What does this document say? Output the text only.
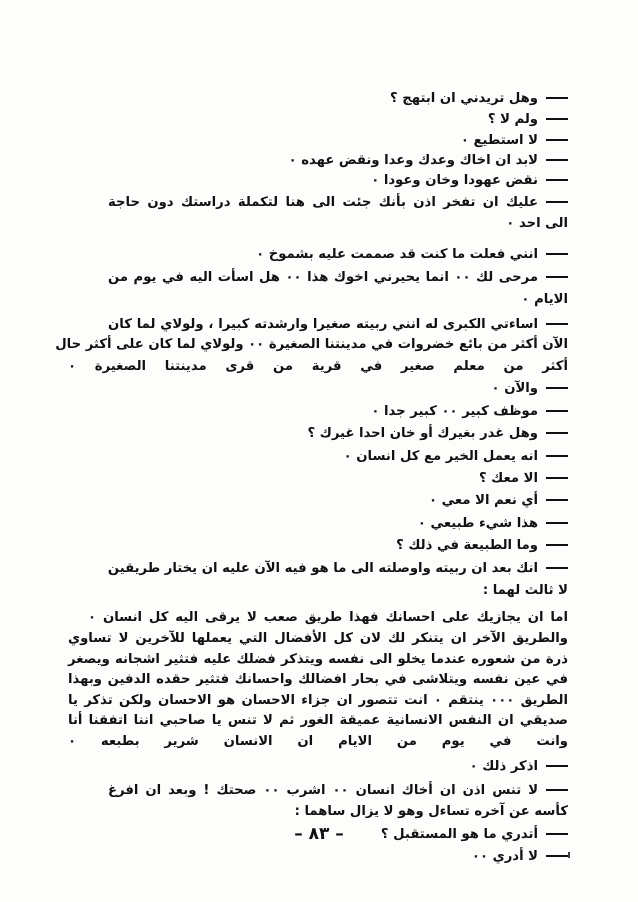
وهل تريدني ان ابتهج ؟
ولم لا ؟
لا استطيع ٠
لابد ان اخاك وعدك وعدا ونقض عهده ٠
نقض عهودا وخان وعودا ٠
عليك ان تفخر اذن بأنك جئت الى هنا لتكملة دراستك دون حاجة
الى احد ٠
انني فعلت ما كنت قد صممت عليه بشموخ ٠
مرحى لك ٠٠ انما يحيرني اخوك هذا ٠٠ هل اسأت اليه في يوم من
الايام ٠
اساءتي الكبرى له انني ربيته صغيرا وارشدته كبيرا ، ولولاي لما كان
الآن أكثر من بائع خضروات في مدينتنا الصغيرة ٠٠ ولولاي لما كان على أكثر حال
أكثر من معلم صغير في قرية من قرى مدينتنا الصغيرة ٠
والآن ٠
موظف كبير ٠٠ كبير جدا ٠
وهل غدر بغيرك أو خان احدا غيرك ؟
انه يعمل الخير مع كل انسان ٠
الا معك ؟
أي نعم الا معي ٠
هذا شيء طبيعي ٠
وما الطبيعة في ذلك ؟
انك بعد ان ربيته واوصلته الى ما هو فيه الآن عليه ان يختار طريقين
لا ثالث لهما :
اما ان يجازيك على احسانك فهذا طريق صعب لا يرقى اليه كل انسان ٠
والطريق الآخر ان يتنكر لك لان كل الأفضال التي يعملها للآخرين لا تساوي
ذرة من شعوره عندما يخلو الى نفسه ويتذكر فضلك عليه فتثير اشجانه ويصغر
في عين نفسه ويتلاشى في بحار افضالك واحسانك فتثير حقده الدفين وبهذا
الطريق ٠٠٠ ينتقم ٠ انت تتصور ان جزاء الاحسان هو الاحسان ولكن تذكر يا
صديقي ان النفس الانسانية عميقة الغور ثم لا تنس يا صاحبي اننا اتفقنا أنا
وانت في يوم من الايام ان الانسان شرير بطبعه ٠
اذكر ذلك ٠
لا تنس اذن ان أخاك انسان ٠٠ اشرب ٠٠ صحتك ! وبعد ان افرغ
كأسه عن آخره تساءل وهو لا يزال ساهما :
أتدري ما هو المستقبل ؟
لا أدري ٠٠
– ٨٣ –
